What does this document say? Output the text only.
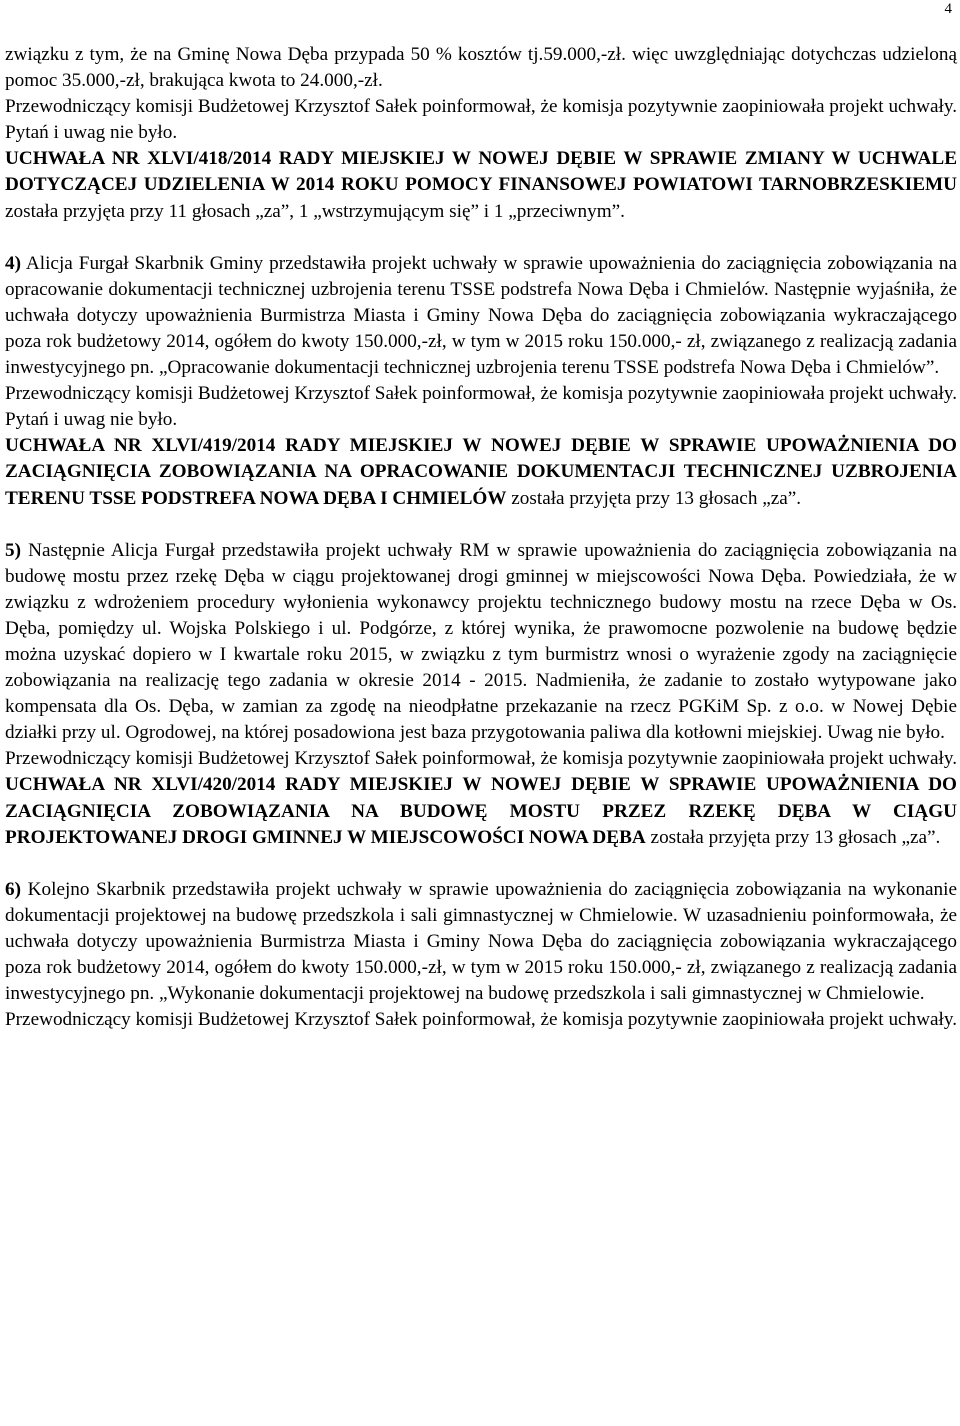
4

związku z tym, że na Gminę Nowa Dęba przypada 50 % kosztów tj.59.000,-zł. więc uwzględniając dotychczas udzieloną pomoc 35.000,-zł, brakująca kwota to 24.000,-zł.

Przewodniczący komisji Budżetowej Krzysztof Sałek poinformował, że komisja pozytywnie zaopiniowała projekt uchwały. Pytań i uwag nie było.

UCHWAŁA NR XLVI/418/2014 RADY MIEJSKIEJ W NOWEJ DĘBIE W SPRAWIE ZMIANY W UCHWALE DOTYCZĄCEJ UDZIELENIA W 2014 ROKU POMOCY FINANSOWEJ POWIATOWI TARNOBRZESKIEMU została przyjęta przy 11 głosach „za”, 1 „wstrzymującym się” i 1 „przeciwnym”.

4) Alicja Furgał Skarbnik Gminy przedstawiła projekt uchwały w sprawie upoważnienia do zaciągnięcia zobowiązania na opracowanie dokumentacji technicznej uzbrojenia terenu TSSE podstrefa Nowa Dęba i Chmielów. Następnie wyjaśniła, że uchwała dotyczy upoważnienia Burmistrza Miasta i Gminy Nowa Dęba do zaciągnięcia zobowiązania wykraczającego poza rok budżetowy 2014, ogółem do kwoty 150.000,-zł, w tym w 2015 roku 150.000,- zł, związanego z realizacją zadania inwestycyjnego pn. „Opracowanie dokumentacji technicznej uzbrojenia terenu TSSE podstrefa Nowa Dęba i Chmielów”.

Przewodniczący komisji Budżetowej Krzysztof Sałek poinformował, że komisja pozytywnie zaopiniowała projekt uchwały. Pytań i uwag nie było.

UCHWAŁA NR XLVI/419/2014 RADY MIEJSKIEJ W NOWEJ DĘBIE W SPRAWIE UPOWAŻNIENIA DO ZACIĄGNIĘCIA ZOBOWIĄZANIA NA OPRACOWANIE DOKUMENTACJI TECHNICZNEJ UZBROJENIA TERENU TSSE PODSTREFA NOWA DĘBA I CHMIELÓW została przyjęta przy 13 głosach „za”.

5) Następnie Alicja Furgał przedstawiła projekt uchwały RM w sprawie upoważnienia do zaciągnięcia zobowiązania na budowę mostu przez rzekę Dęba w ciągu projektowanej drogi gminnej w miejscowości Nowa Dęba. Powiedziała, że w związku z wdrożeniem procedury wyłonienia wykonawcy projektu technicznego budowy mostu na rzece Dęba w Os. Dęba, pomiędzy ul. Wojska Polskiego i ul. Podgórze, z której wynika, że prawomocne pozwolenie na budowę będzie można uzyskać dopiero w I kwartale roku 2015, w związku z tym burmistrz wnosi o wyrażenie zgody na zaciągnięcie zobowiązania na realizację tego zadania w okresie 2014 - 2015. Nadmieniła, że zadanie to zostało wytypowane jako kompensata dla Os. Dęba, w zamian za zgodę na nieodpłatne przekazanie na rzecz PGKiM Sp. z o.o. w Nowej Dębie działki przy ul. Ogrodowej, na której posadowiona jest baza przygotowania paliwa dla kotłowni miejskiej. Uwag nie było.

Przewodniczący komisji Budżetowej Krzysztof Sałek poinformował, że komisja pozytywnie zaopiniowała projekt uchwały.

UCHWAŁA NR XLVI/420/2014 RADY MIEJSKIEJ W NOWEJ DĘBIE W SPRAWIE UPOWAŻNIENIA DO ZACIĄGNIĘCIA ZOBOWIĄZANIA NA BUDOWĘ MOSTU PRZEZ RZEKĘ DĘBA W CIĄGU PROJEKTOWANEJ DROGI GMINNEJ W MIEJSCOWOŚCI NOWA DĘBA została przyjęta przy 13 głosach „za”.

6) Kolejno Skarbnik przedstawiła projekt uchwały w sprawie upoważnienia do zaciągnięcia zobowiązania na wykonanie dokumentacji projektowej na budowę przedszkola i sali gimnastycznej w Chmielowie. W uzasadnieniu poinformowała, że uchwała dotyczy upoważnienia Burmistrza Miasta i Gminy Nowa Dęba do zaciągnięcia zobowiązania wykraczającego poza rok budżetowy 2014, ogółem do kwoty 150.000,-zł, w tym w 2015 roku 150.000,- zł, związanego z realizacją zadania inwestycyjnego pn. „Wykonanie dokumentacji projektowej na budowę przedszkola i sali gimnastycznej w Chmielowie.

Przewodniczący komisji Budżetowej Krzysztof Sałek poinformował, że komisja pozytywnie zaopiniowała projekt uchwały.
